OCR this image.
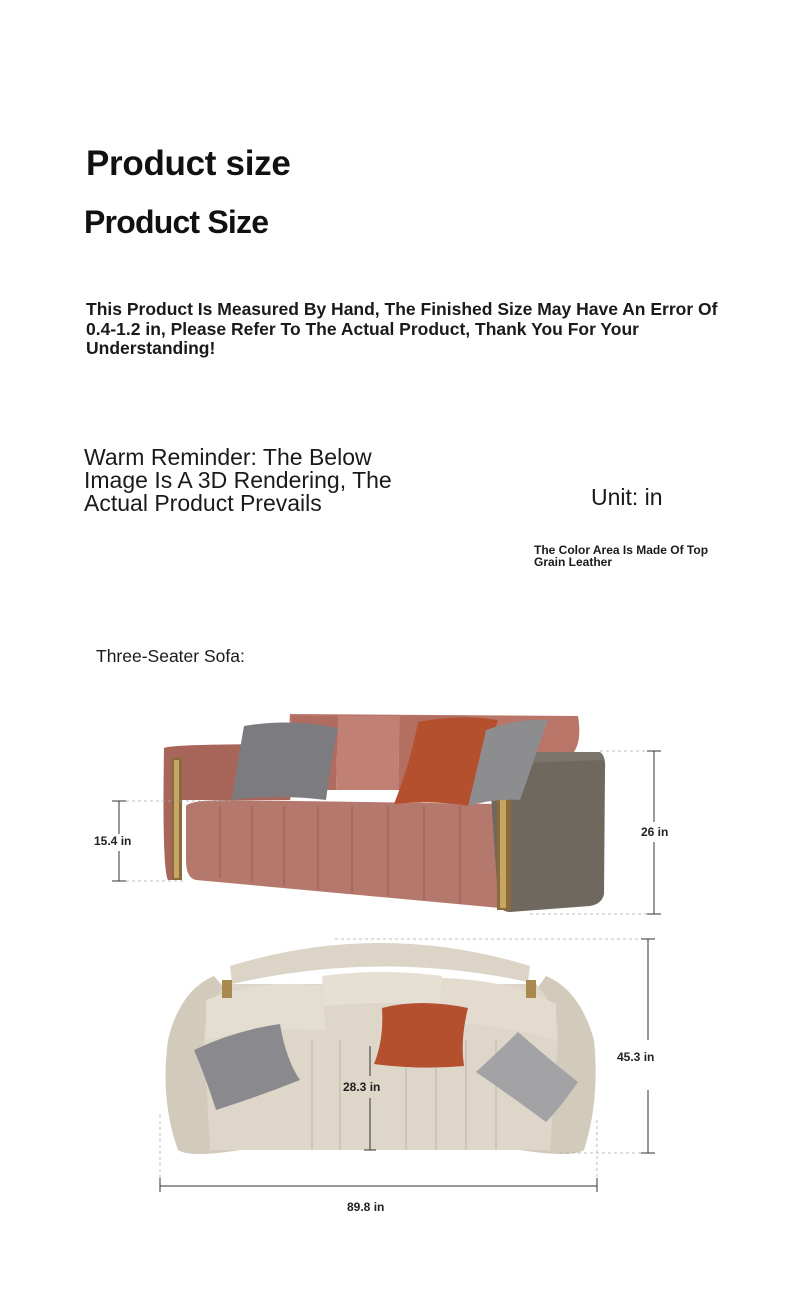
Product size
Product Size
This Product Is Measured By Hand, The Finished Size May Have An Error Of 0.4-1.2 in, Please Refer To The Actual Product, Thank You For Your Understanding!
Warm Reminder: The Below Image Is A 3D Rendering, The Actual Product Prevails	Unit: in
The Color Area Is Made Of Top Grain Leather
Three-Seater Sofa:
15.4 in
26 in
45.3 in
28.3 in
89.8 in
